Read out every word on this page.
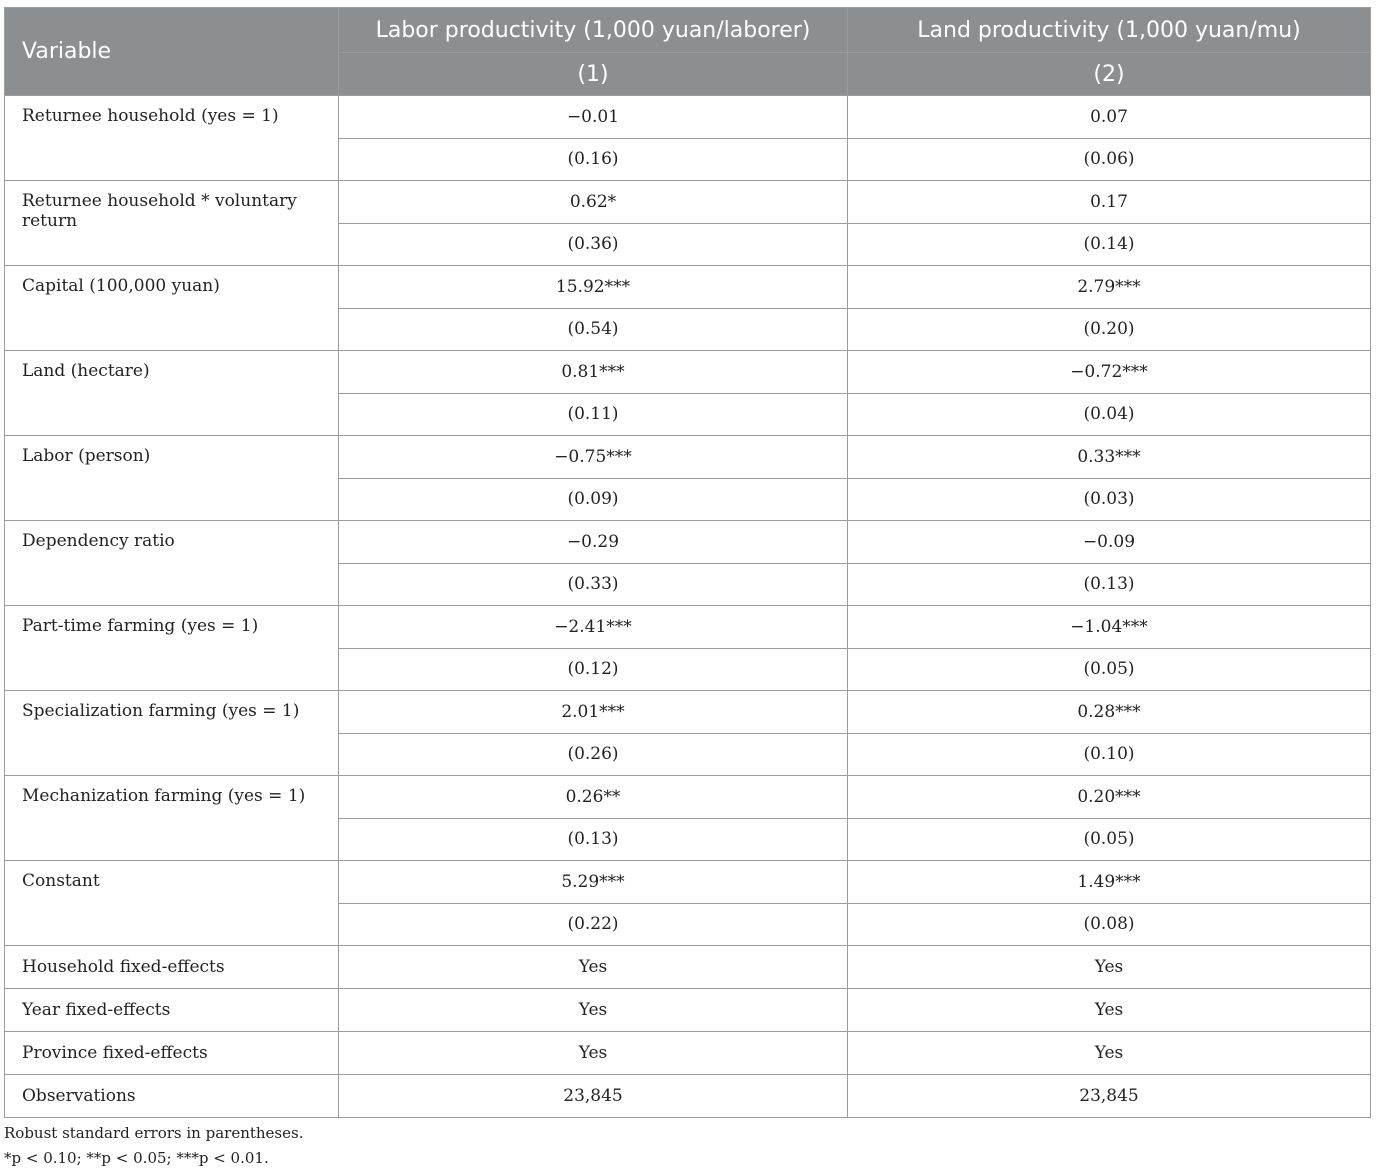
Variable	Labor productivity (1,000 yuan/laborer)	Land productivity (1,000 yuan/mu)
	(1)	(2)
Returnee household (yes = 1)	−0.01	0.07
	(0.16)	(0.06)
Returnee household * voluntary return	0.62*	0.17
	(0.36)	(0.14)
Capital (100,000 yuan)	15.92***	2.79***
	(0.54)	(0.20)
Land (hectare)	0.81***	−0.72***
	(0.11)	(0.04)
Labor (person)	−0.75***	0.33***
	(0.09)	(0.03)
Dependency ratio	−0.29	−0.09
	(0.33)	(0.13)
Part-time farming (yes = 1)	−2.41***	−1.04***
	(0.12)	(0.05)
Specialization farming (yes = 1)	2.01***	0.28***
	(0.26)	(0.10)
Mechanization farming (yes = 1)	0.26**	0.20***
	(0.13)	(0.05)
Constant	5.29***	1.49***
	(0.22)	(0.08)
Household fixed-effects	Yes	Yes
Year fixed-effects	Yes	Yes
Province fixed-effects	Yes	Yes
Observations	23,845	23,845
Robust standard errors in parentheses.
*p < 0.10; **p < 0.05; ***p < 0.01.
